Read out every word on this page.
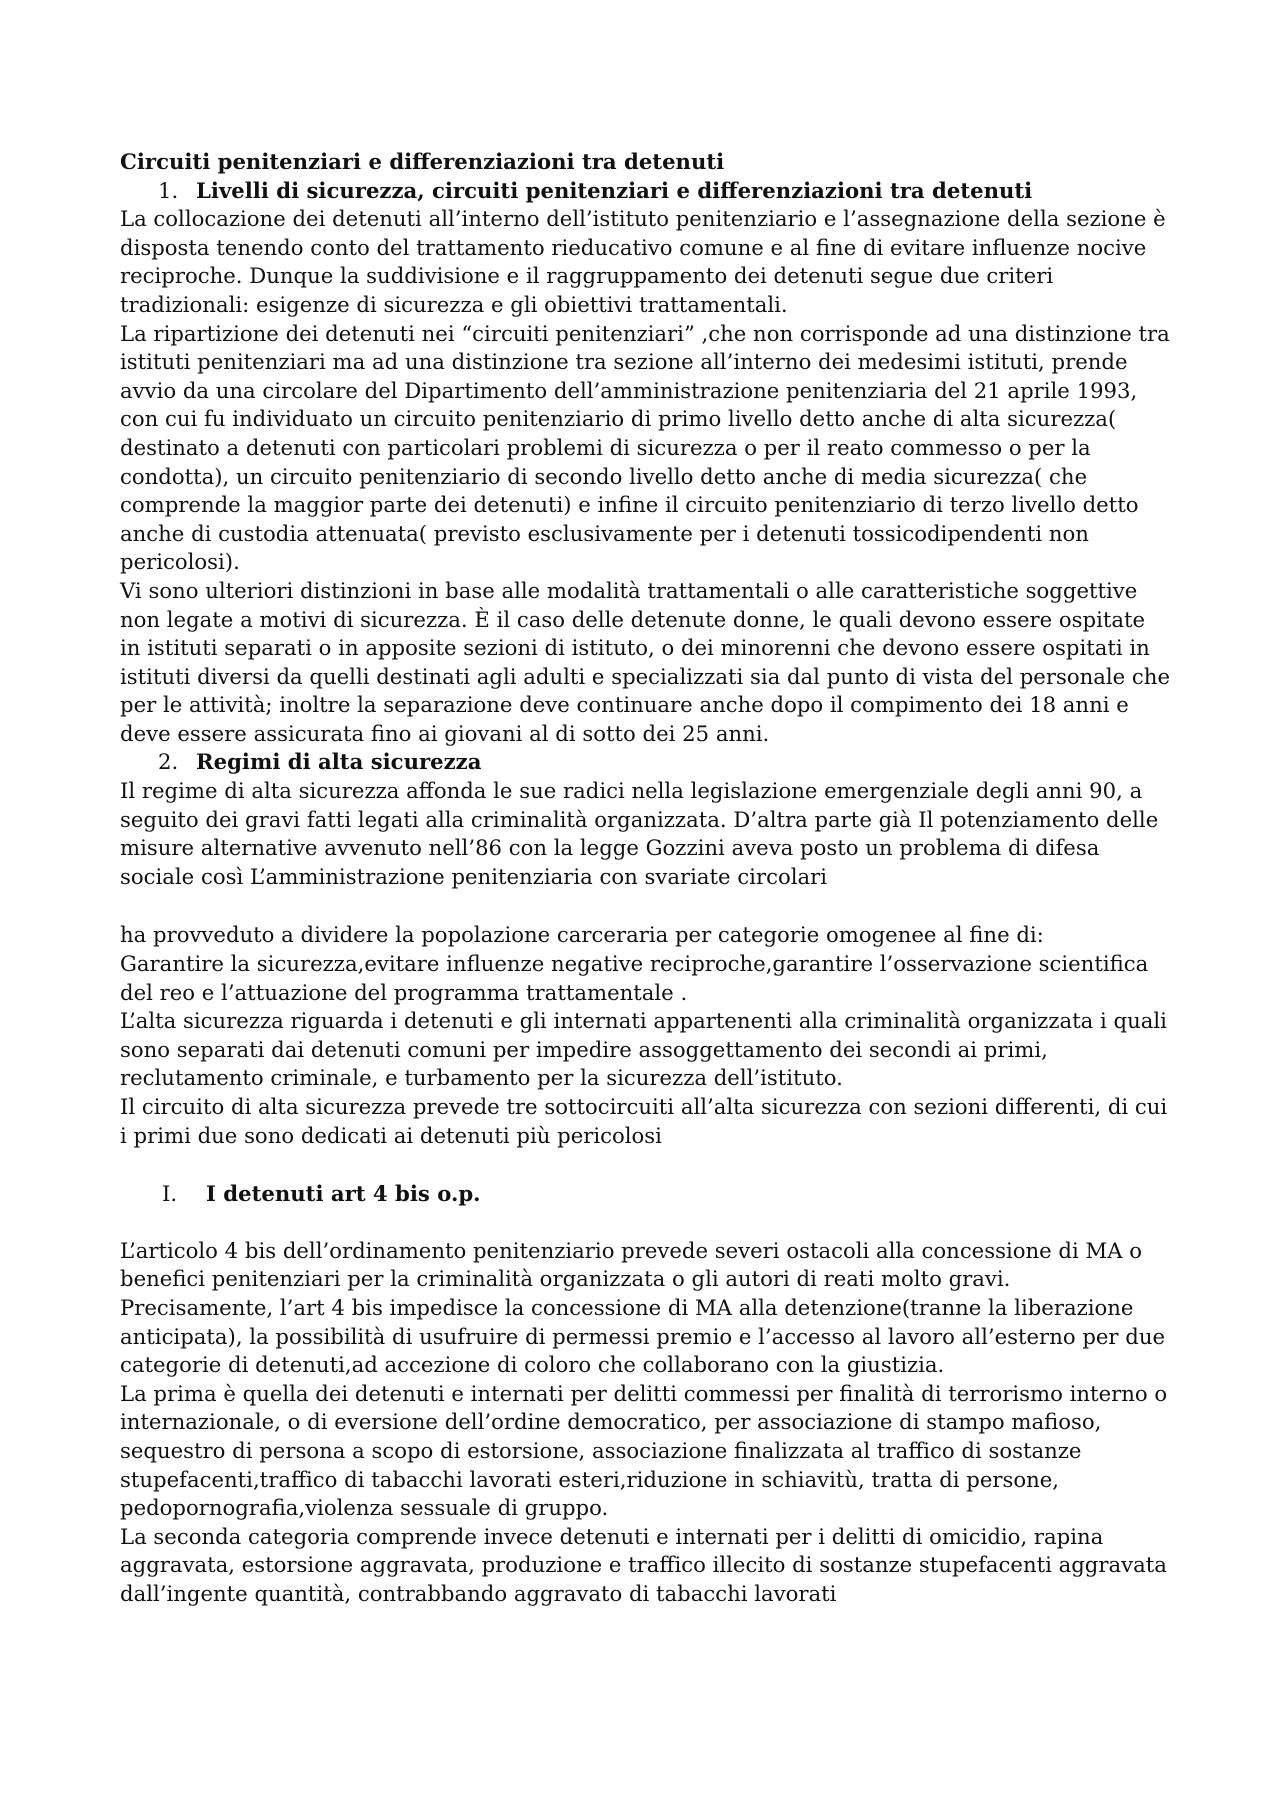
Circuiti penitenziari e differenziazioni tra detenuti

1. Livelli di sicurezza, circuiti penitenziari e differenziazioni tra detenuti

La collocazione dei detenuti all’interno dell’istituto penitenziario e l’assegnazione della sezione è disposta tenendo conto del trattamento rieducativo comune e al fine di evitare influenze nocive reciproche. Dunque la suddivisione e il raggruppamento dei detenuti segue due criteri tradizionali: esigenze di sicurezza e gli obiettivi trattamentali.

La ripartizione dei detenuti nei “circuiti penitenziari” ,che non corrisponde ad una distinzione tra istituti penitenziari ma ad una distinzione tra sezione all’interno dei medesimi istituti, prende avvio da una circolare del Dipartimento dell’amministrazione penitenziaria del 21 aprile 1993, con cui fu individuato un circuito penitenziario di primo livello detto anche di alta sicurezza( destinato a detenuti con particolari problemi di sicurezza o per il reato commesso o per la condotta), un circuito penitenziario di secondo livello detto anche di media sicurezza( che comprende la maggior parte dei detenuti) e infine il circuito penitenziario di terzo livello detto anche di custodia attenuata( previsto esclusivamente per i detenuti tossicodipendenti non pericolosi).

Vi sono ulteriori distinzioni in base alle modalità trattamentali o alle caratteristiche soggettive non legate a motivi di sicurezza. È il caso delle detenute donne, le quali devono essere ospitate in istituti separati o in apposite sezioni di istituto, o dei minorenni che devono essere ospitati in istituti diversi da quelli destinati agli adulti e specializzati sia dal punto di vista del personale che per le attività; inoltre la separazione deve continuare anche dopo il compimento dei 18 anni e deve essere assicurata fino ai giovani al di sotto dei 25 anni.

2. Regimi di alta sicurezza

Il regime di alta sicurezza affonda le sue radici nella legislazione emergenziale degli anni 90, a seguito dei gravi fatti legati alla criminalità organizzata. D’altra parte già Il potenziamento delle misure alternative avvenuto nell’86 con la legge Gozzini aveva posto un problema di difesa sociale così L’amministrazione penitenziaria con svariate circolari

ha provveduto a dividere la popolazione carceraria per categorie omogenee al fine di:

Garantire la sicurezza,evitare influenze negative reciproche,garantire l’osservazione scientifica del reo e l’attuazione del programma trattamentale .

L’alta sicurezza riguarda i detenuti e gli internati appartenenti alla criminalità organizzata i quali sono separati dai detenuti comuni per impedire assoggettamento dei secondi ai primi, reclutamento criminale, e turbamento per la sicurezza dell’istituto.

Il circuito di alta sicurezza prevede tre sottocircuiti all’alta sicurezza con sezioni differenti, di cui i primi due sono dedicati ai detenuti più pericolosi

I.	I detenuti art 4 bis o.p.

L’articolo 4 bis dell’ordinamento penitenziario prevede severi ostacoli alla concessione di MA o benefici penitenziari per la criminalità organizzata o gli autori di reati molto gravi.

Precisamente, l’art 4 bis impedisce la concessione di MA alla detenzione(tranne la liberazione anticipata), la possibilità di usufruire di permessi premio e l’accesso al lavoro all’esterno per due categorie di detenuti,ad accezione di coloro che collaborano con la giustizia.

La prima è quella dei detenuti e internati per delitti commessi per finalità di terrorismo interno o internazionale, o di eversione dell’ordine democratico, per associazione di stampo mafioso, sequestro di persona a scopo di estorsione, associazione finalizzata al traffico di sostanze stupefacenti,traffico di tabacchi lavorati esteri,riduzione in schiavitù, tratta di persone, pedopornografia,violenza sessuale di gruppo.

La seconda categoria comprende invece detenuti e internati per i delitti di omicidio, rapina aggravata, estorsione aggravata, produzione e traffico illecito di sostanze stupefacenti aggravata dall’ingente quantità, contrabbando aggravato di tabacchi lavorati
